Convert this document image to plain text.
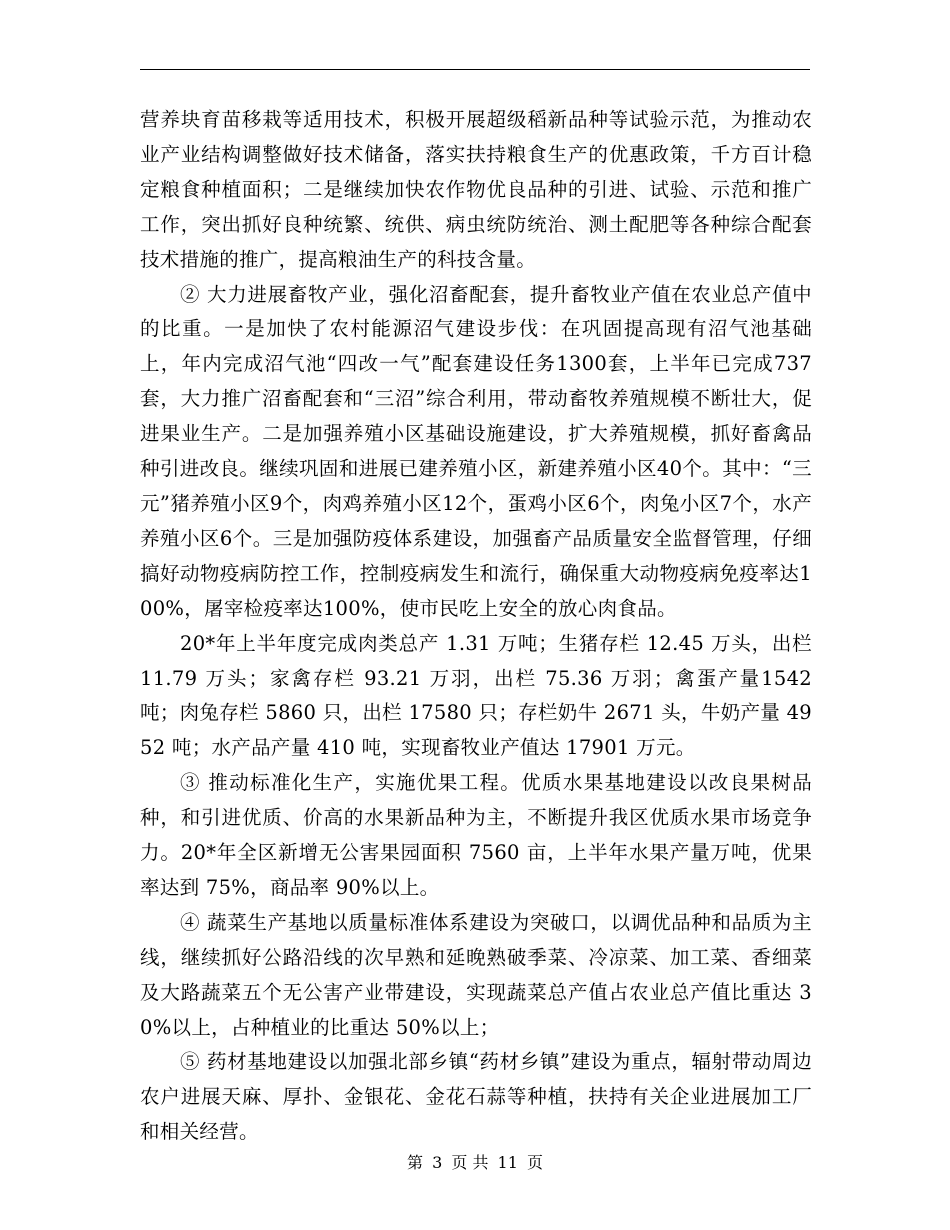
营养块育苗移栽等适用技术，积极开展超级稻新品种等试验示范，为推动农业产业结构调整做好技术储备，落实扶持粮食生产的优惠政策，千方百计稳定粮食种植面积；二是继续加快农作物优良品种的引进、试验、示范和推广工作，突出抓好良种统繁、统供、病虫统防统治、测土配肥等各种综合配套技术措施的推广，提高粮油生产的科技含量。

② 大力进展畜牧产业，强化沼畜配套，提升畜牧业产值在农业总产值中的比重。一是加快了农村能源沼气建设步伐：在巩固提高现有沼气池基础上，年内完成沼气池“四改一气”配套建设任务1300套，上半年已完成737套，大力推广沼畜配套和“三沼”综合利用，带动畜牧养殖规模不断壮大，促进果业生产。二是加强养殖小区基础设施建设，扩大养殖规模，抓好畜禽品种引进改良。继续巩固和进展已建养殖小区，新建养殖小区40个。其中：“三元”猪养殖小区9个，肉鸡养殖小区12个，蛋鸡小区6个，肉兔小区7个，水产养殖小区6个。三是加强防疫体系建设，加强畜产品质量安全监督管理，仔细搞好动物疫病防控工作，控制疫病发生和流行，确保重大动物疫病免疫率达100%，屠宰检疫率达100%，使市民吃上安全的放心肉食品。

20*年上半年度完成肉类总产 1.31 万吨；生猪存栏 12.45 万头，出栏 11.79 万头；家禽存栏 93.21 万羽，出栏 75.36 万羽；禽蛋产量1542 吨；肉兔存栏 5860 只，出栏 17580 只；存栏奶牛 2671 头，牛奶产量 4952 吨；水产品产量 410 吨，实现畜牧业产值达 17901 万元。

③ 推动标准化生产，实施优果工程。优质水果基地建设以改良果树品种，和引进优质、价高的水果新品种为主，不断提升我区优质水果市场竞争力。20*年全区新增无公害果园面积 7560 亩，上半年水果产量万吨，优果率达到 75%，商品率 90%以上。

④ 蔬菜生产基地以质量标准体系建设为突破口，以调优品种和品质为主线，继续抓好公路沿线的次早熟和延晚熟破季菜、冷凉菜、加工菜、香细菜及大路蔬菜五个无公害产业带建设，实现蔬菜总产值占农业总产值比重达 30%以上，占种植业的比重达 50%以上；

⑤ 药材基地建设以加强北部乡镇“药材乡镇”建设为重点，辐射带动周边农户进展天麻、厚扑、金银花、金花石蒜等种植，扶持有关企业进展加工厂和相关经营。

第 3 页 共 11 页
